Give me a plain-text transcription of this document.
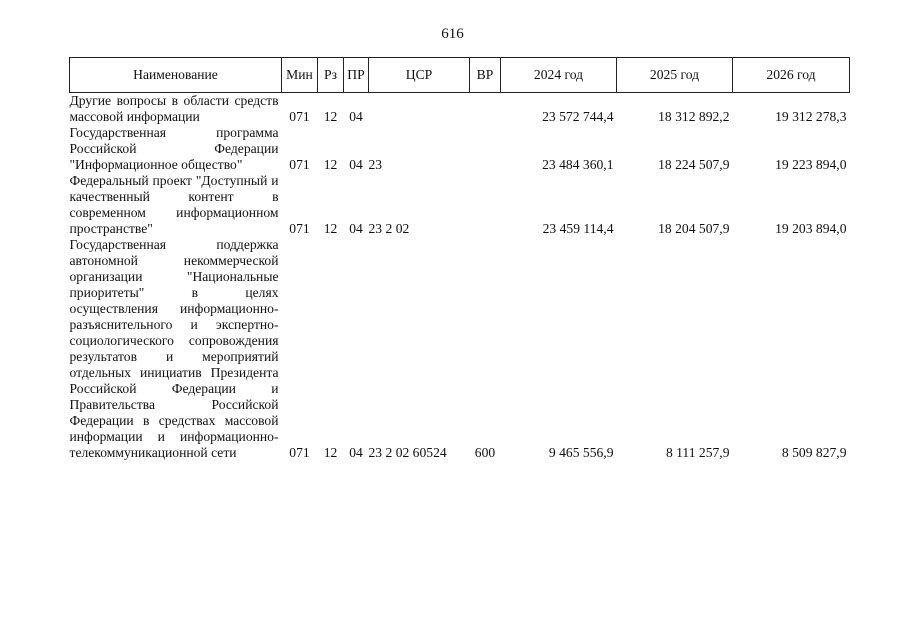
616
Наименование	Мин	Рз	ПР	ЦСР	ВР	2024 год	2025 год	2026 год
Другие вопросы в области средств массовой информации	071	12	04			23 572 744,4	18 312 892,2	19 312 278,3
Государственная программа Российской Федерации "Информационное общество"	071	12	04	23		23 484 360,1	18 224 507,9	19 223 894,0
Федеральный проект "Доступный и качественный контент в современном информационном пространстве"	071	12	04	23 2 02		23 459 114,4	18 204 507,9	19 203 894,0
Государственная поддержка автономной некоммерческой организации "Национальные приоритеты" в целях осуществления информационно-разъяснительного и экспертно-социологического сопровождения результатов и мероприятий отдельных инициатив Президента Российской Федерации и Правительства Российской Федерации в средствах массовой информации и информационно-телекоммуникационной сети	071	12	04	23 2 02 60524	600	9 465 556,9	8 111 257,9	8 509 827,9
